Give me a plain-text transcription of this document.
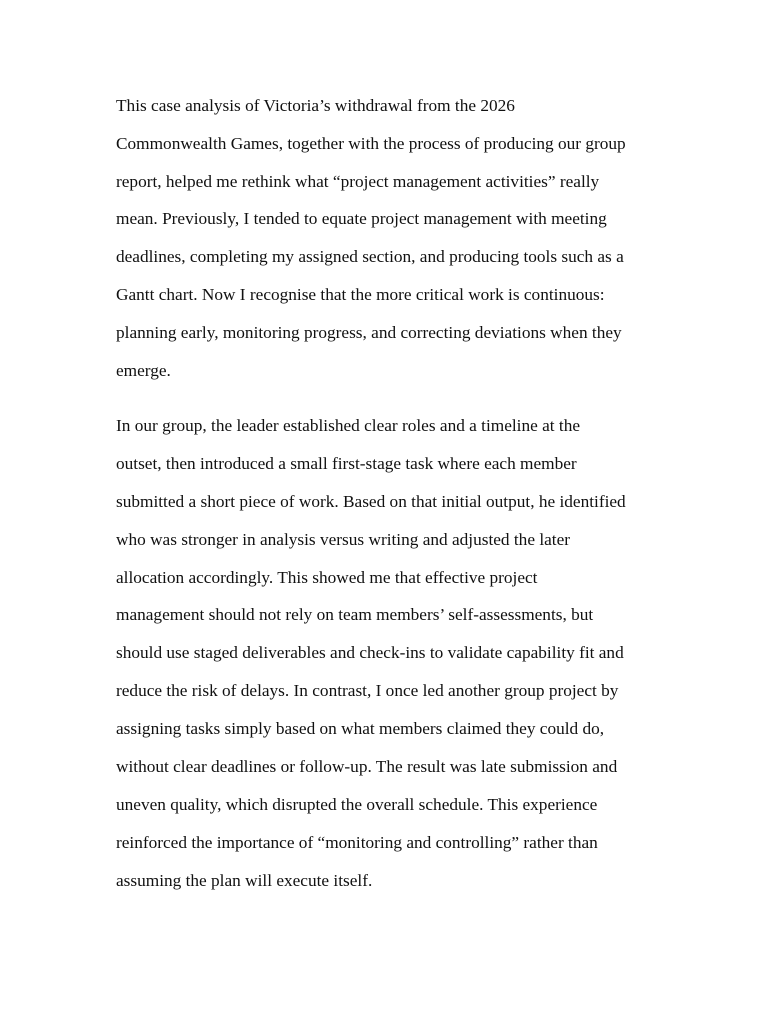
This case analysis of Victoria’s withdrawal from the 2026
Commonwealth Games, together with the process of producing our group
report, helped me rethink what “project management activities” really
mean. Previously, I tended to equate project management with meeting
deadlines, completing my assigned section, and producing tools such as a
Gantt chart. Now I recognise that the more critical work is continuous:
planning early, monitoring progress, and correcting deviations when they
emerge.
In our group, the leader established clear roles and a timeline at the
outset, then introduced a small first-stage task where each member
submitted a short piece of work. Based on that initial output, he identified
who was stronger in analysis versus writing and adjusted the later
allocation accordingly. This showed me that effective project
management should not rely on team members’ self-assessments, but
should use staged deliverables and check-ins to validate capability fit and
reduce the risk of delays. In contrast, I once led another group project by
assigning tasks simply based on what members claimed they could do,
without clear deadlines or follow-up. The result was late submission and
uneven quality, which disrupted the overall schedule. This experience
reinforced the importance of “monitoring and controlling” rather than
assuming the plan will execute itself.
